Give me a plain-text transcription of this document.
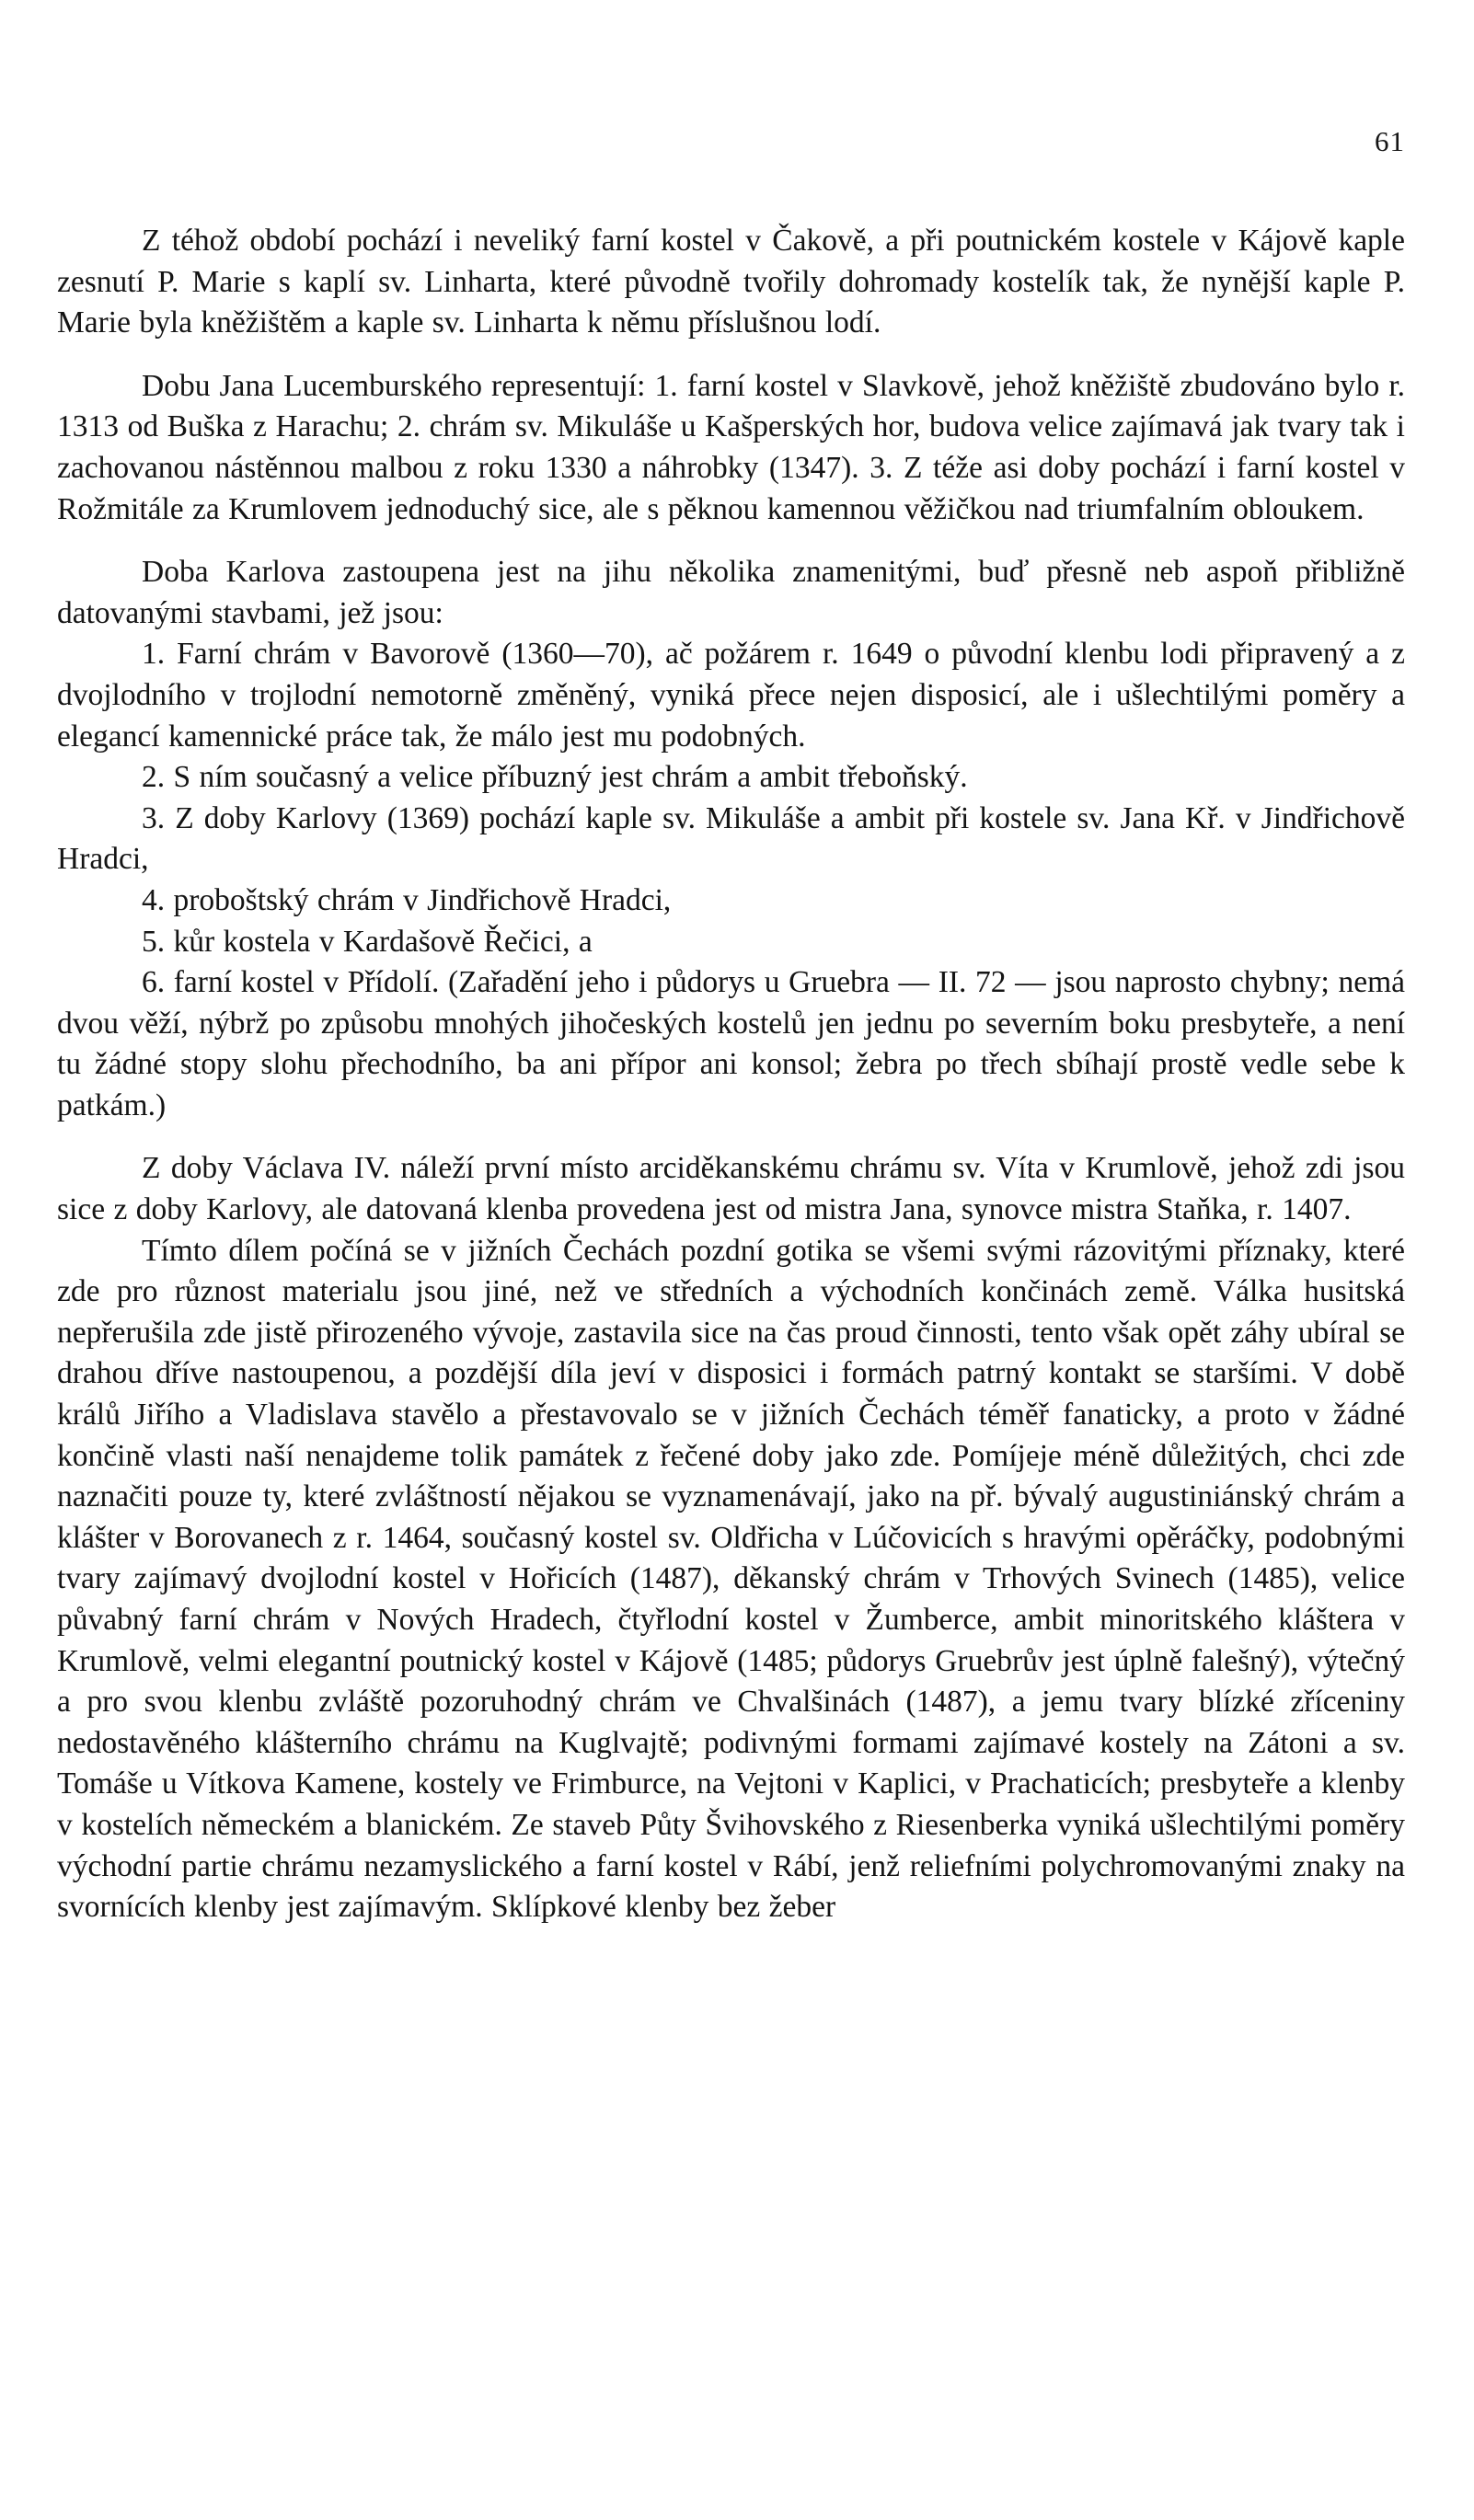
61

Z téhož období pochází i neveliký farní kostel v Čakově, a při poutnickém kostele v Kájově kaple zesnutí P. Marie s kaplí sv. Linharta, které původně tvořily dohromady kostelík tak, že nynější kaple P. Marie byla kněžištěm a kaple sv. Linharta k němu příslušnou lodí.

Dobu Jana Lucemburského representují: 1. farní kostel v Slavkově, jehož kněžiště zbudováno bylo r. 1313 od Buška z Harachu; 2. chrám sv. Mikuláše u Kašperských hor, budova velice zajímavá jak tvary tak i zachovanou nástěnnou malbou z roku 1330 a náhrobky (1347). 3. Z téže asi doby pochází i farní kostel v Rožmitále za Krumlovem jednoduchý sice, ale s pěknou kamennou věžičkou nad triumfalním obloukem.

Doba Karlova zastoupena jest na jihu několika znamenitými, buď přesně neb aspoň přibližně datovanými stavbami, jež jsou:

1. Farní chrám v Bavorově (1360—70), ač požárem r. 1649 o původní klenbu lodi připravený a z dvojlodního v trojlodní nemotorně změněný, vyniká přece nejen disposicí, ale i ušlechtilými poměry a elegancí kamennické práce tak, že málo jest mu podobných.

2. S ním současný a velice příbuzný jest chrám a ambit třeboňský.

3. Z doby Karlovy (1369) pochází kaple sv. Mikuláše a ambit při kostele sv. Jana Kř. v Jindřichově Hradci,

4. proboštský chrám v Jindřichově Hradci,

5. kůr kostela v Kardašově Řečici, a

6. farní kostel v Přídolí. (Zařadění jeho i půdorys u Gruebra — II. 72 — jsou naprosto chybny; nemá dvou věží, nýbrž po způsobu mnohých jihočeských kostelů jen jednu po severním boku presbyteře, a není tu žádné stopy slohu přechodního, ba ani přípor ani konsol; žebra po třech sbíhají prostě vedle sebe k patkám.)

Z doby Václava IV. náleží první místo arciděkanskému chrámu sv. Víta v Krumlově, jehož zdi jsou sice z doby Karlovy, ale datovaná klenba provedena jest od mistra Jana, synovce mistra Staňka, r. 1407.

Tímto dílem počíná se v jižních Čechách pozdní gotika se všemi svými rázovitými příznaky, které zde pro různost materialu jsou jiné, než ve středních a východních končinách země. Válka husitská nepřerušila zde jistě přirozeného vývoje, zastavila sice na čas proud činnosti, tento však opět záhy ubíral se drahou dříve nastoupenou, a pozdější díla jeví v disposici i formách patrný kontakt se staršími. V době králů Jiřího a Vladislava stavělo a přestavovalo se v jižních Čechách téměř fanaticky, a proto v žádné končině vlasti naší nenajdeme tolik památek z řečené doby jako zde. Pomíjeje méně důležitých, chci zde naznačiti pouze ty, které zvláštností nějakou se vyznamenávají, jako na př. bývalý augustiniánský chrám a klášter v Borovanech z r. 1464, současný kostel sv. Oldřicha v Lúčovicích s hravými opěráčky, podobnými tvary zajímavý dvojlodní kostel v Hořicích (1487), děkanský chrám v Trhových Svinech (1485), velice půvabný farní chrám v Nových Hradech, čtyřlodní kostel v Žumberce, ambit minoritského kláštera v Krumlově, velmi elegantní poutnický kostel v Kájově (1485; půdorys Gruebrův jest úplně falešný), výtečný a pro svou klenbu zvláště pozoruhodný chrám ve Chvalšinách (1487), a jemu tvary blízké zříceniny nedostavěného klášterního chrámu na Kuglvajtě; podivnými formami zajímavé kostely na Zátoni a sv. Tomáše u Vítkova Kamene, kostely ve Frimburce, na Vejtoni v Kaplici, v Prachaticích; presbyteře a klenby v kostelích německém a blanickém. Ze staveb Půty Švihovského z Riesenberka vyniká ušlechtilými poměry východní partie chrámu nezamyslického a farní kostel v Rábí, jenž reliefními polychromovanými znaky na svornících klenby jest zajímavým. Sklípkové klenby bez žeber
